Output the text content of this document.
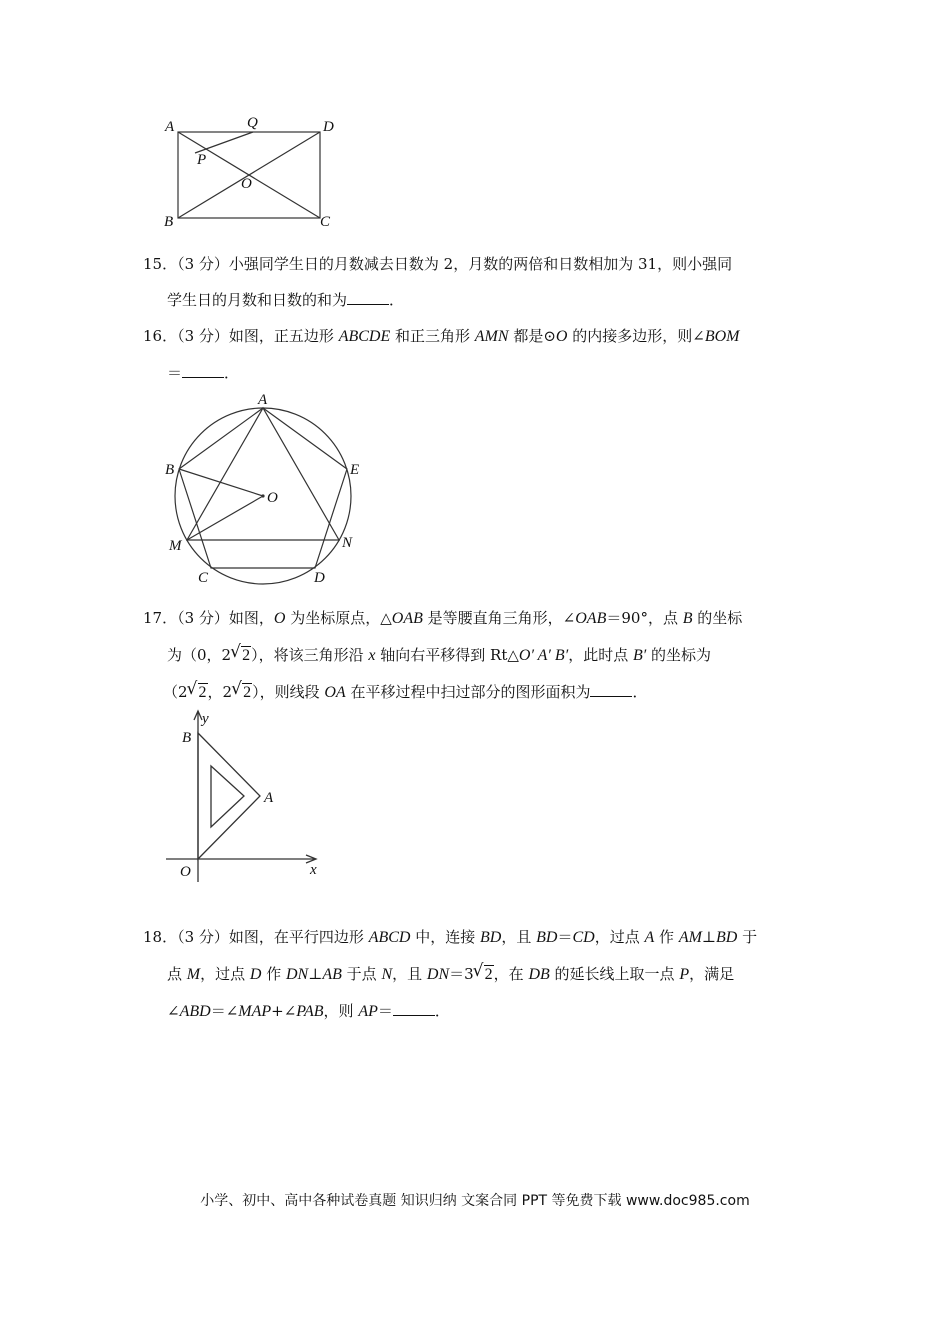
A	Q	D
P
O
B	C

15．（3 分）小强同学生日的月数减去日数为 2，月数的两倍和日数相加为 31，则小强同

学生日的月数和日数的和为	．

16．（3 分）如图，正五边形 ABCDE 和正三角形 AMN 都是⊙O 的内接多边形，则∠BOM

＝	．

A
B	E
O
M	N
C	D

17．（3 分）如图，O 为坐标原点，△OAB 是等腰直角三角形，∠OAB＝90°，点 B 的坐标

为（0，2 √ 2），将该三角形沿 x 轴向右平移得到 Rt△O′ A′ B′，此时点 B′ 的坐标为

（2 √ 2，2 √ 2），则线段 OA 在平移过程中扫过部分的图形面积为	．

y
B
A
O	x

18．（3 分）如图，在平行四边形 ABCD 中，连接 BD，且 BD＝CD，过点 A 作 AM⊥BD 于

点 M，过点 D 作 DN⊥AB 于点 N，且 DN＝3 √ 2，在 DB 的延长线上取一点 P，满足

∠ABD＝∠MAP+∠PAB，则 AP＝	．

小学、初中、高中各种试卷真题 知识归纳 文案合同 PPT 等免费下载 www.doc985.com
